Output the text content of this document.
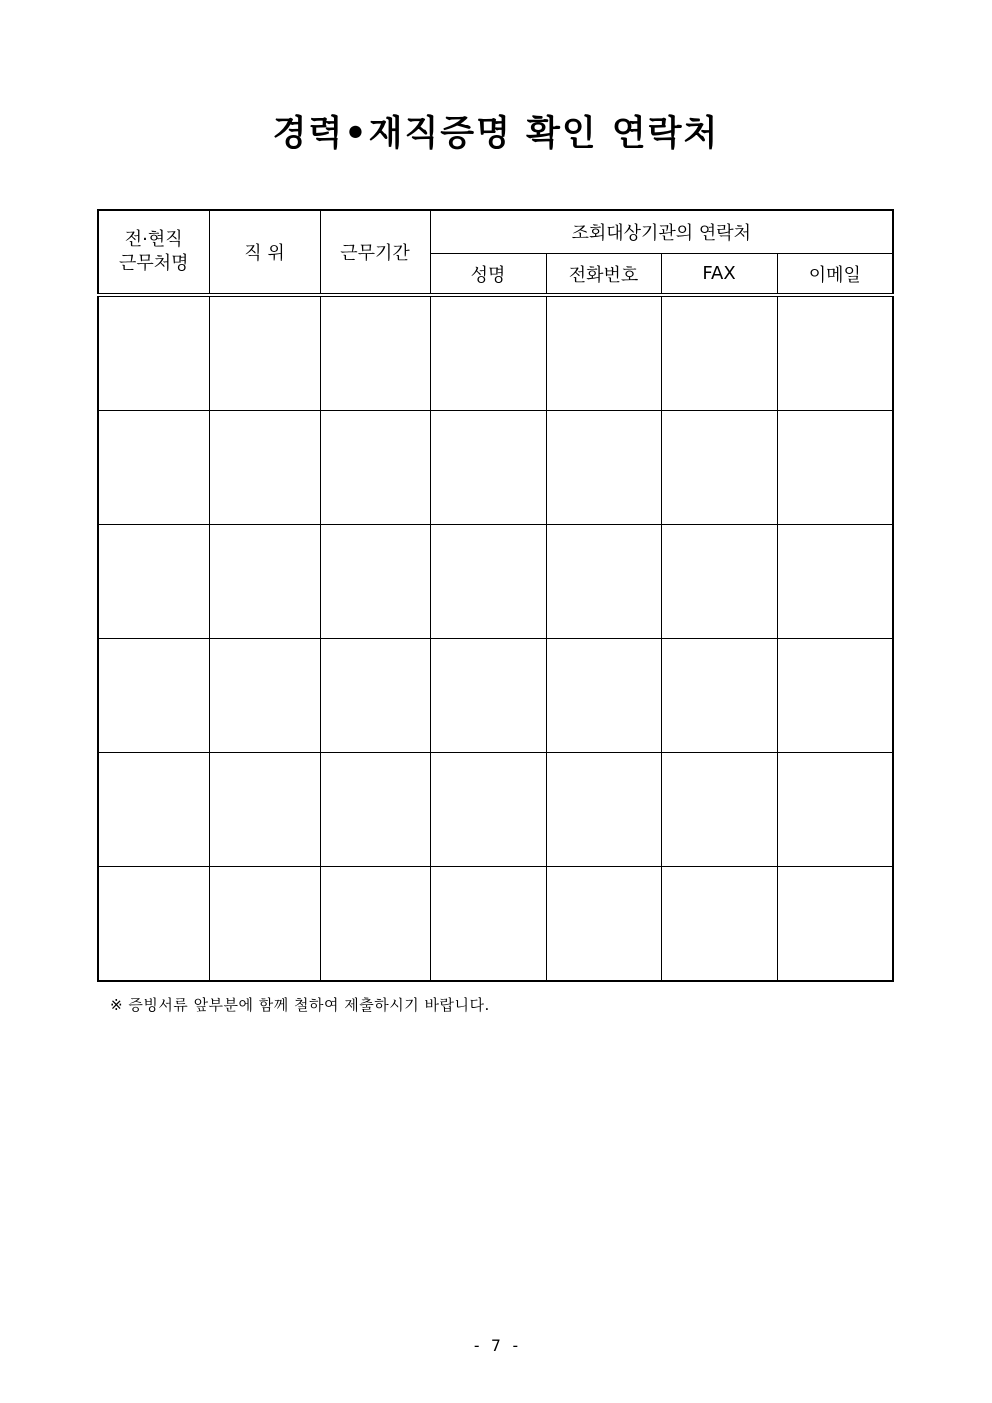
경력•재직증명 확인 연락처
전·현직
근무처명	직 위	근무기간	조회대상기관의 연락처			
			성명	전화번호	FAX	이메일

※ 증빙서류 앞부분에 함께 철하여 제출하시기 바랍니다.
- 7 -
